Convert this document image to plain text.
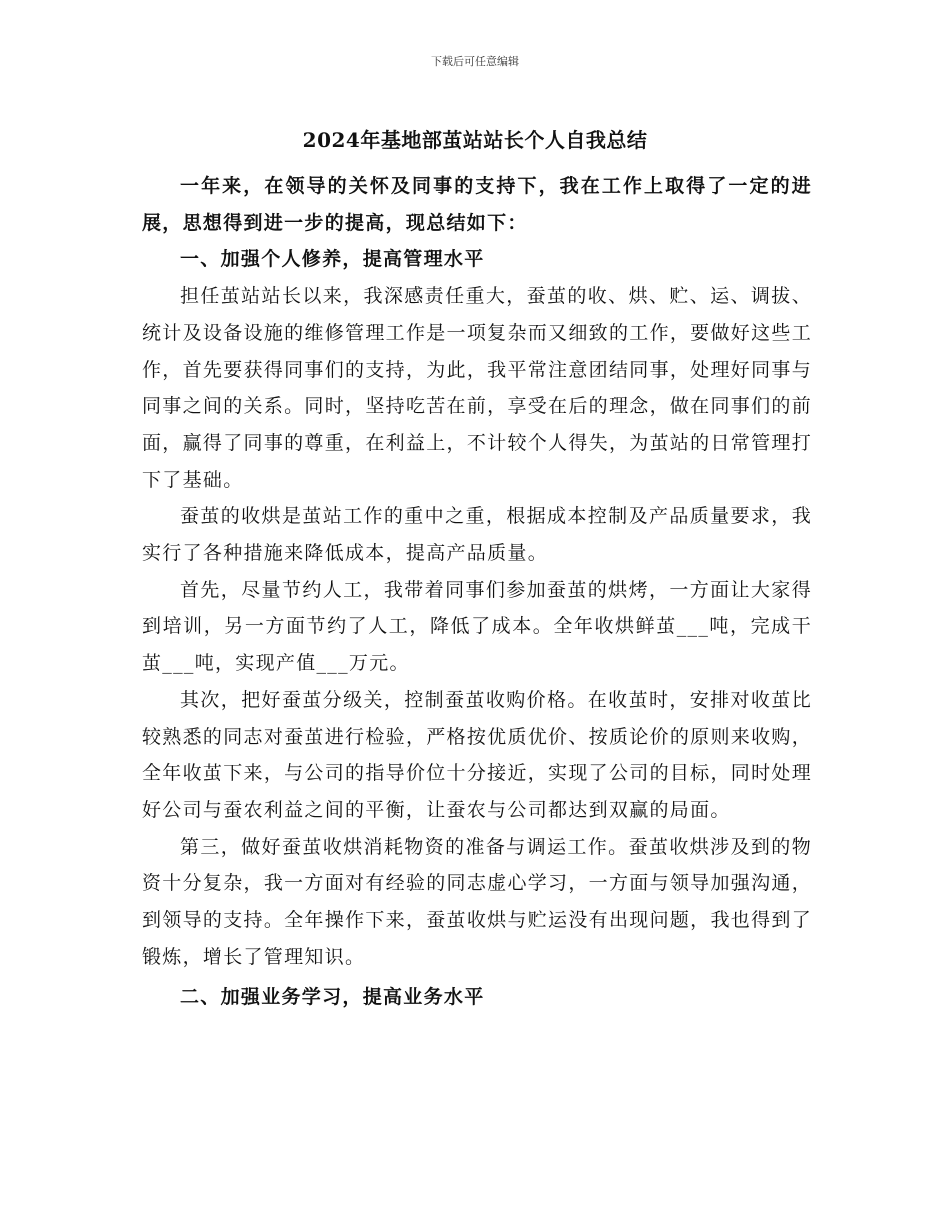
下载后可任意编辑
2024年基地部茧站站长个人自我总结

一年来，在领导的关怀及同事的支持下，我在工作上取得了一定的进展，思想得到进一步的提高，现总结如下：

一、加强个人修养，提高管理水平

担任茧站站长以来，我深感责任重大，蚕茧的收、烘、贮、运、调拔、统计及设备设施的维修管理工作是一项复杂而又细致的工作，要做好这些工作，首先要获得同事们的支持，为此，我平常注意团结同事，处理好同事与同事之间的关系。同时，坚持吃苦在前，享受在后的理念，做在同事们的前面，赢得了同事的尊重，在利益上，不计较个人得失，为茧站的日常管理打下了基础。

蚕茧的收烘是茧站工作的重中之重，根据成本控制及产品质量要求，我实行了各种措施来降低成本，提高产品质量。

首先，尽量节约人工，我带着同事们参加蚕茧的烘烤，一方面让大家得到培训，另一方面节约了人工，降低了成本。全年收烘鲜茧___吨，完成干茧___吨，实现产值___万元。

其次，把好蚕茧分级关，控制蚕茧收购价格。在收茧时，安排对收茧比较熟悉的同志对蚕茧进行检验，严格按优质优价、按质论价的原则来收购，全年收茧下来，与公司的指导价位十分接近，实现了公司的目标，同时处理好公司与蚕农利益之间的平衡，让蚕农与公司都达到双赢的局面。

第三，做好蚕茧收烘消耗物资的准备与调运工作。蚕茧收烘涉及到的物资十分复杂，我一方面对有经验的同志虚心学习，一方面与领导加强沟通，到领导的支持。全年操作下来，蚕茧收烘与贮运没有出现问题，我也得到了锻炼，增长了管理知识。

二、加强业务学习，提高业务水平
